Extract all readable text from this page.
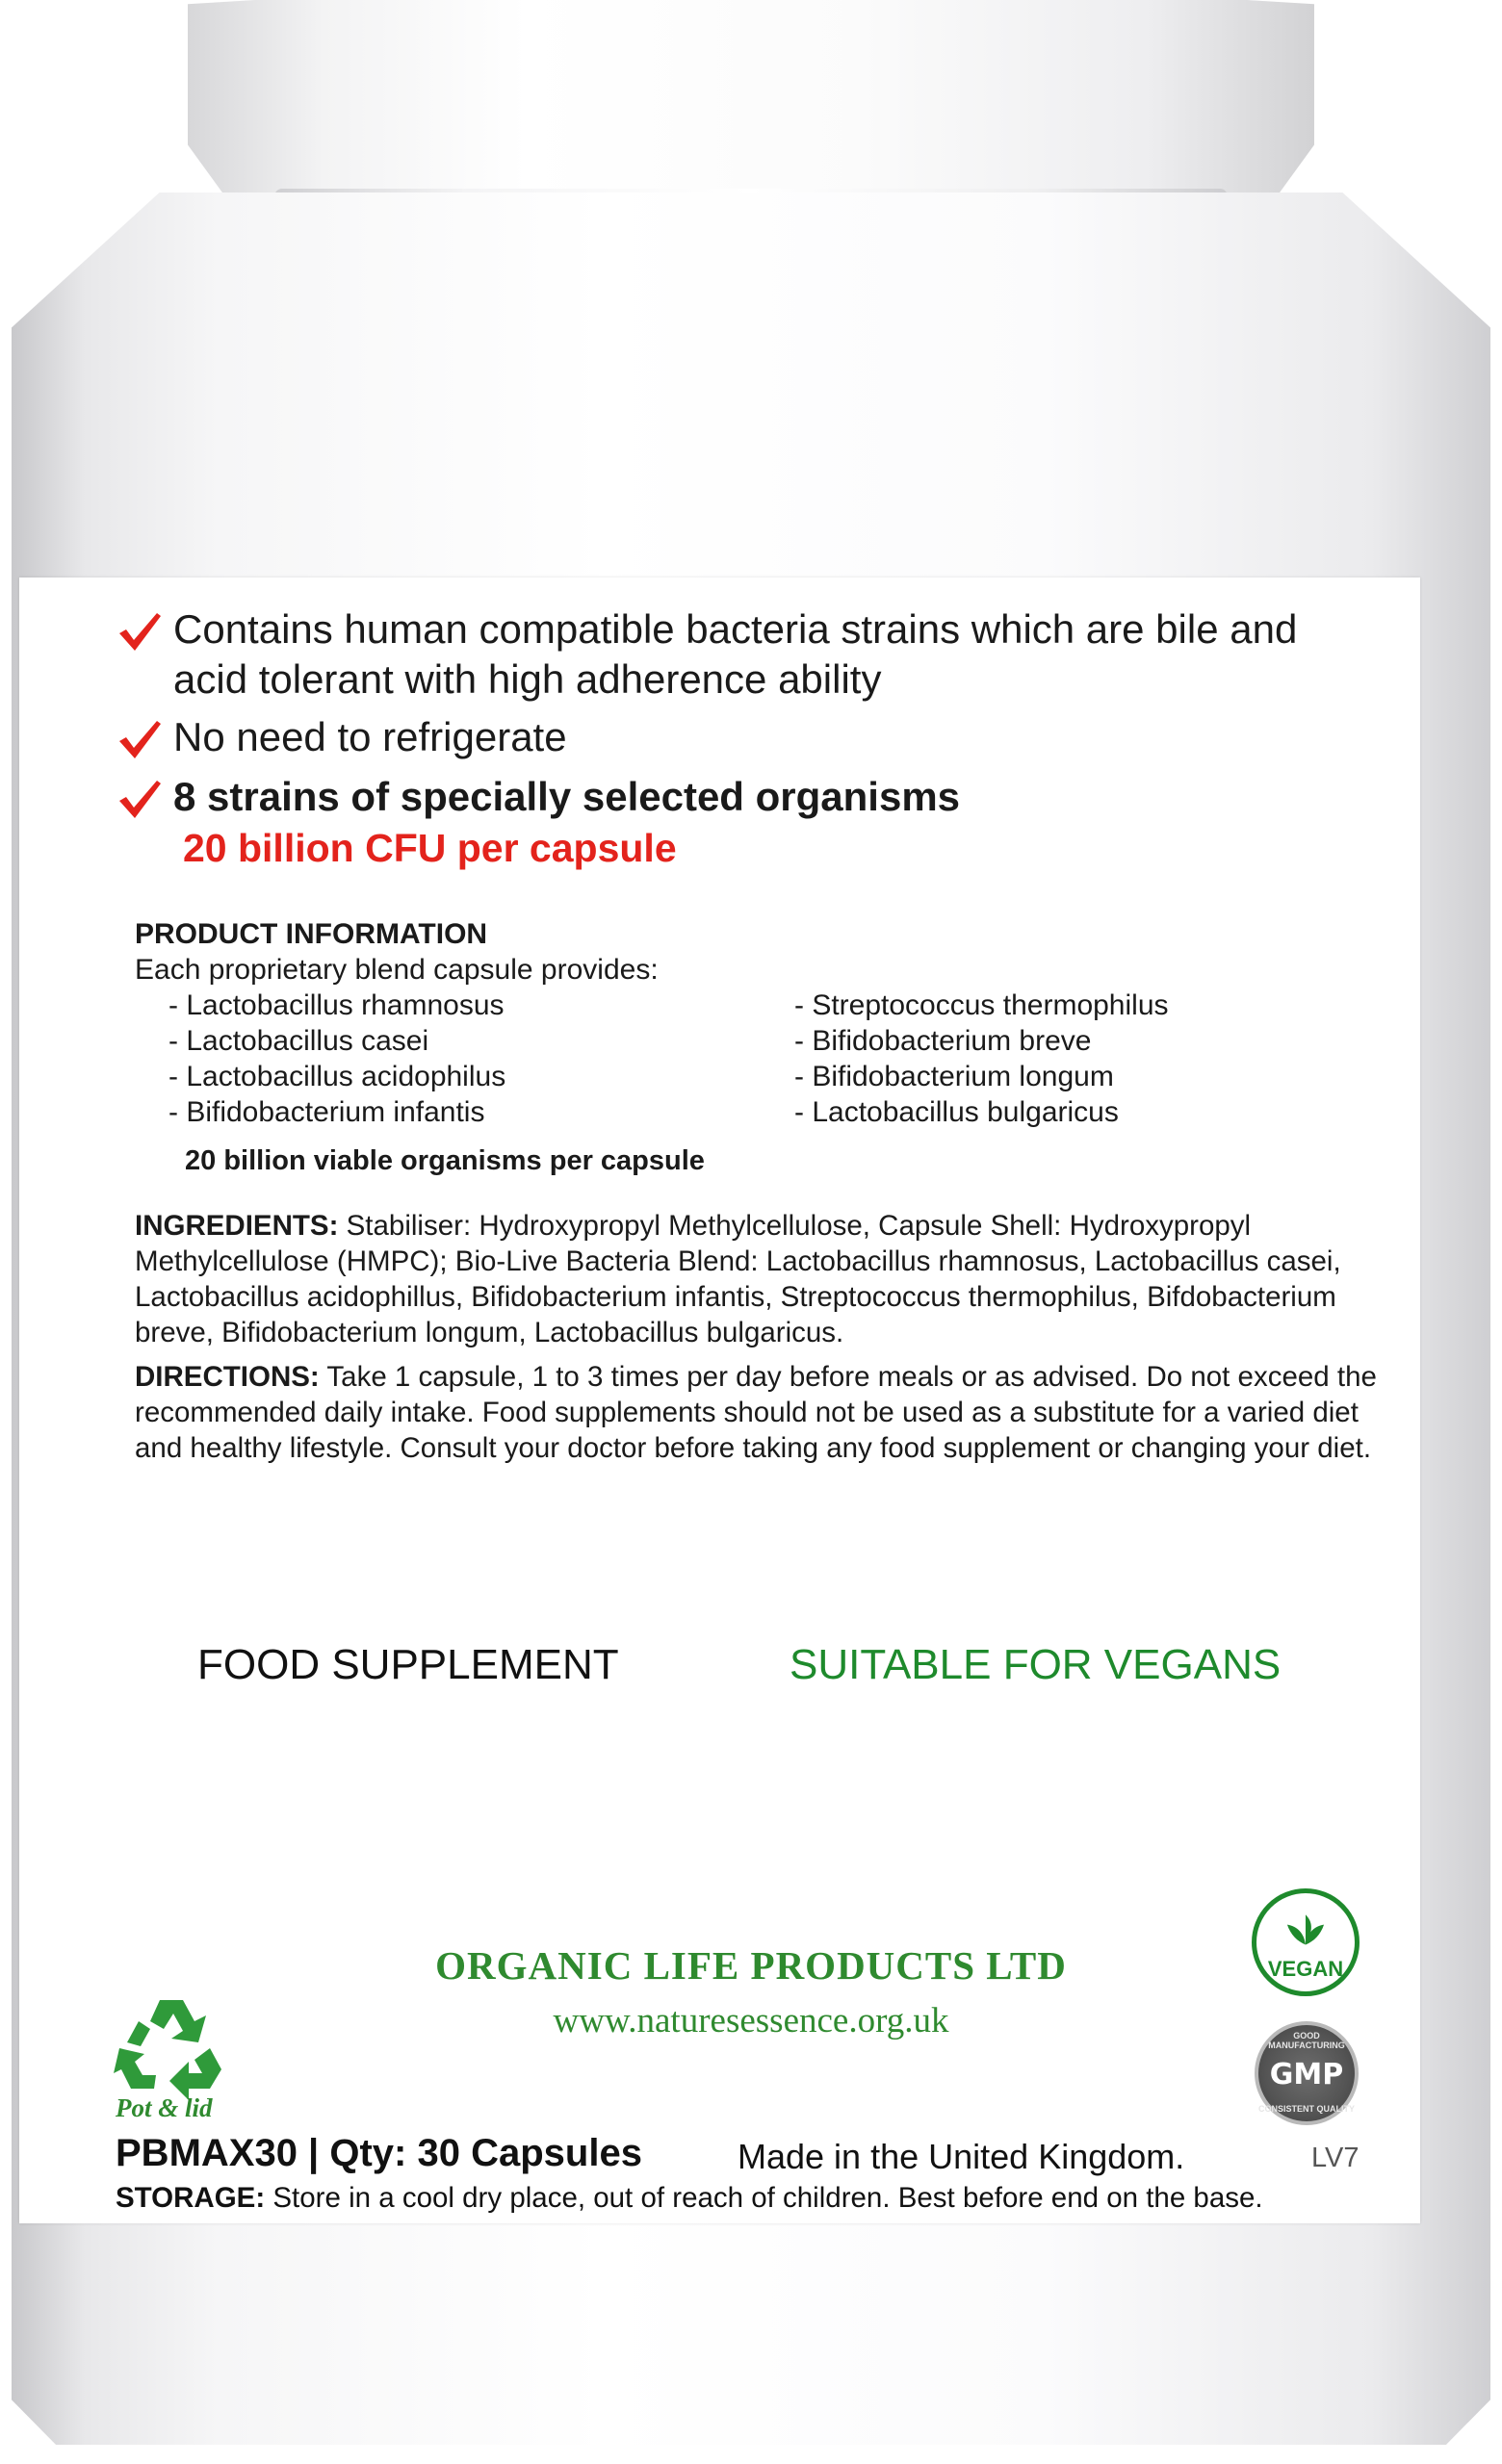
Contains human compatible bacteria strains which are bile and
acid tolerant with high adherence ability
No need to refrigerate
8 strains of specially selected organisms
20 billion CFU per capsule
PRODUCT INFORMATION
Each proprietary blend capsule provides:
- Lactobacillus rhamnosus
- Lactobacillus casei
- Lactobacillus acidophilus
- Bifidobacterium infantis
- Streptococcus thermophilus
- Bifidobacterium breve
- Bifidobacterium longum
- Lactobacillus bulgaricus
20 billion viable organisms per capsule
INGREDIENTS: Stabiliser: Hydroxypropyl Methylcellulose, Capsule Shell: Hydroxypropyl Methylcellulose (HMPC); Bio-Live Bacteria Blend: Lactobacillus rhamnosus, Lactobacillus casei, Lactobacillus acidophillus, Bifidobacterium infantis, Streptococcus thermophilus, Bifdobacterium breve, Bifidobacterium longum, Lactobacillus bulgaricus.
DIRECTIONS: Take 1 capsule, 1 to 3 times per day before meals or as advised. Do not exceed the recommended daily intake. Food supplements should not be used as a substitute for a varied diet and healthy lifestyle. Consult your doctor before taking any food supplement or changing your diet.
FOOD SUPPLEMENT	SUITABLE FOR VEGANS
ORGANIC LIFE PRODUCTS LTD
www.naturesessence.org.uk
VEGAN
GOOD MANUFACTURING
GMP
CONSISTENT QUALITY
Pot & lid
PBMAX30 | Qty: 30 Capsules	Made in the United Kingdom.	LV7
STORAGE: Store in a cool dry place, out of reach of children. Best before end on the base.
